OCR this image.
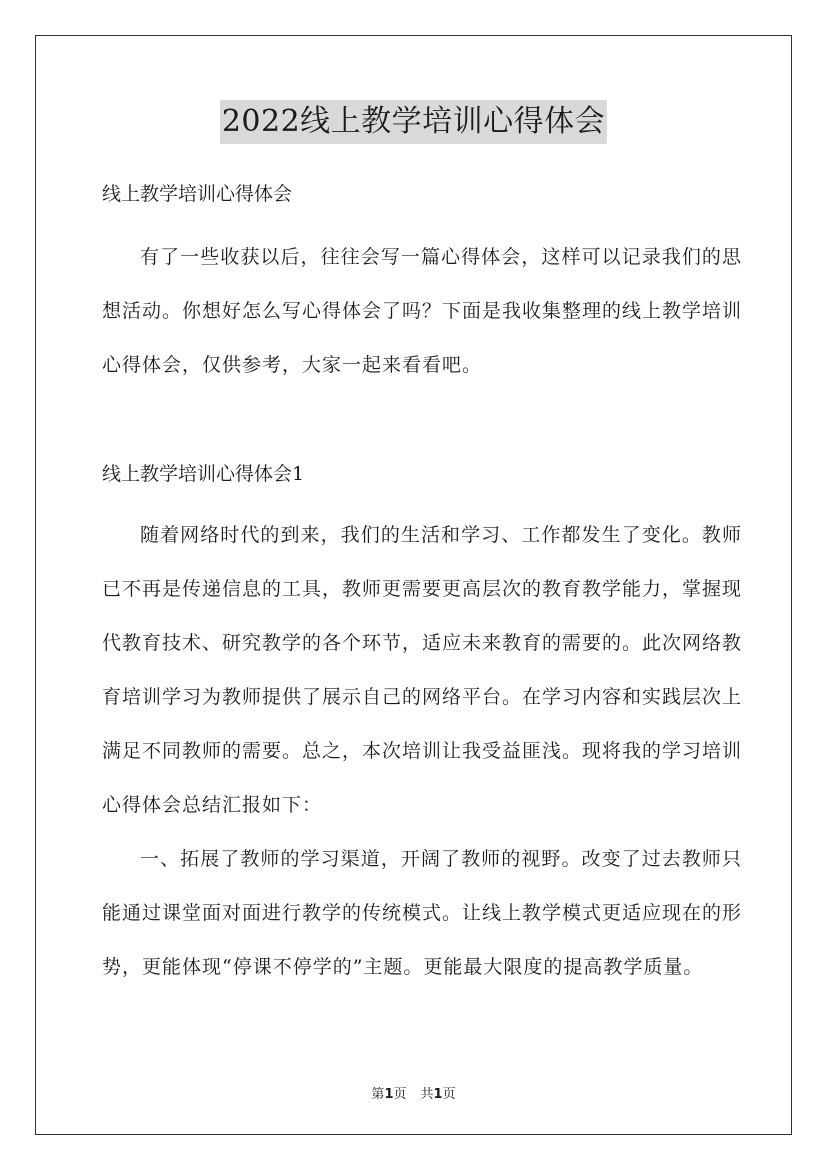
2022线上教学培训心得体会

线上教学培训心得体会

有了一些收获以后，往往会写一篇心得体会，这样可以记录我们的思想活动。你想好怎么写心得体会了吗？下面是我收集整理的线上教学培训心得体会，仅供参考，大家一起来看看吧。

线上教学培训心得体会1

随着网络时代的到来，我们的生活和学习、工作都发生了变化。教师已不再是传递信息的工具，教师更需要更高层次的教育教学能力，掌握现代教育技术、研究教学的各个环节，适应未来教育的需要的。此次网络教育培训学习为教师提供了展示自己的网络平台。在学习内容和实践层次上满足不同教师的需要。总之，本次培训让我受益匪浅。现将我的学习培训心得体会总结汇报如下：

一、拓展了教师的学习渠道，开阔了教师的视野。改变了过去教师只能通过课堂面对面进行教学的传统模式。让线上教学模式更适应现在的形势，更能体现“停课不停学的”主题。更能最大限度的提高教学质量。

第1页 共1页
